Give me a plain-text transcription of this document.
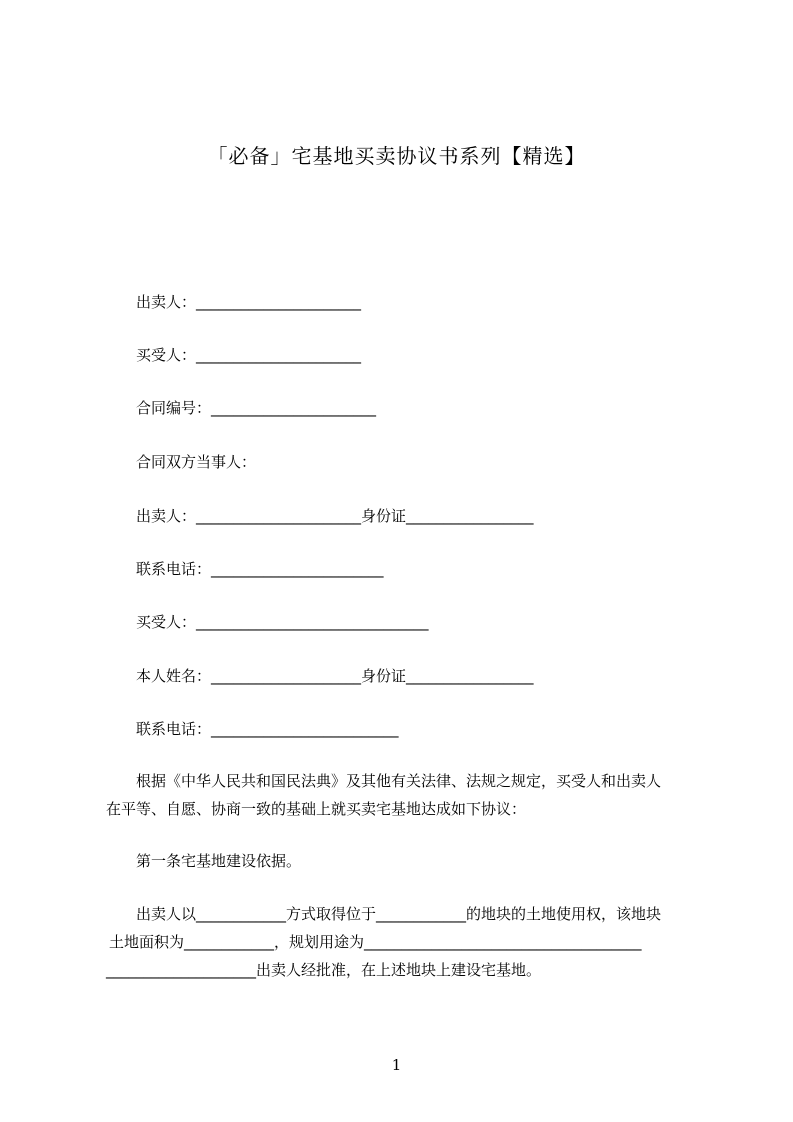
「必备」宅基地买卖协议书系列【精选】
出卖人：______________________
买受人：______________________
合同编号：______________________
合同双方当事人：
出卖人：______________________身份证_________________
联系电话：_______________________
买受人：_______________________________
本人姓名：____________________身份证_________________
联系电话：_________________________
根据《中华人民共和国民法典》及其他有关法律、法规之规定，买受人和出卖人
在平等、自愿、协商一致的基础上就买卖宅基地达成如下协议：
第一条宅基地建设依据。
出卖人以____________方式取得位于____________的地块的土地使用权，该地块
土地面积为____________，规划用途为_____________________________________
____________________出卖人经批准，在上述地块上建设宅基地。
1
